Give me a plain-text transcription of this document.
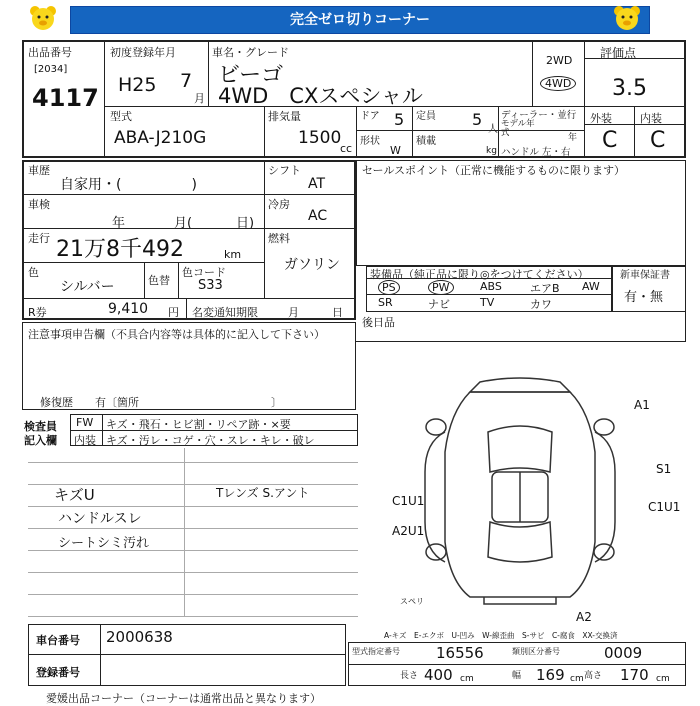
完全ゼロ切りコーナー
出品番号
[2034]
4117
初度登録年月
H25 7
月
車名・グレード
ビーゴ
4WD　CXスペシャル
2WD
4WD
評価点
3.5
外装	内装
C C
型式
ABA-J210G
排気量
1500
cc
ドア 5 定員 5
人
ディーラー・並行
形状
W
積載
kg
モデル年式	年
ハンドル 左・右
車歴
自家用・(　　　　　)
シフト
AT
車検
年	月(	日)
冷房
AC
走行 21万8千492	km
燃料
ガソリン
色
シルバー	色替
色コード
S33
R券	9,410 円 名変通知期限	月	日
セールスポイント（正常に機能するものに限ります）
装備品（純正品に限り◎をつけてください）	新車保証書
有・無
後日品
注意事項申告欄（不具合内容等は具体的に記入して下さい）
修復歴　　有〔箇所　　　　　　　　　　　　〕
検査員
記入欄
FW キズ・飛石・ヒビ割・リペア跡・×要
内装 キズ・汚レ・コゲ・穴・スレ・キレ・破レ
キズU
ハンドルスレ
シートシミ汚れ
Tレンズ S.アント
A1
S1
C1U1
C1U1
A2U1
A2
スペリ
A-キズ　E-エクボ　U-凹み　W-線歪曲　S-サビ　C-腐食　XX-交換済
車台番号 2000638
登録番号
型式指定番号 16556	類別区分番号	0009
長さ 400 cm	幅 169 cm 高さ 170 cm
愛媛出品コーナー（コーナーは通常出品と異なります）
PS	PW	ABS	エアB AW
SR	ナビ	TV	カワ
